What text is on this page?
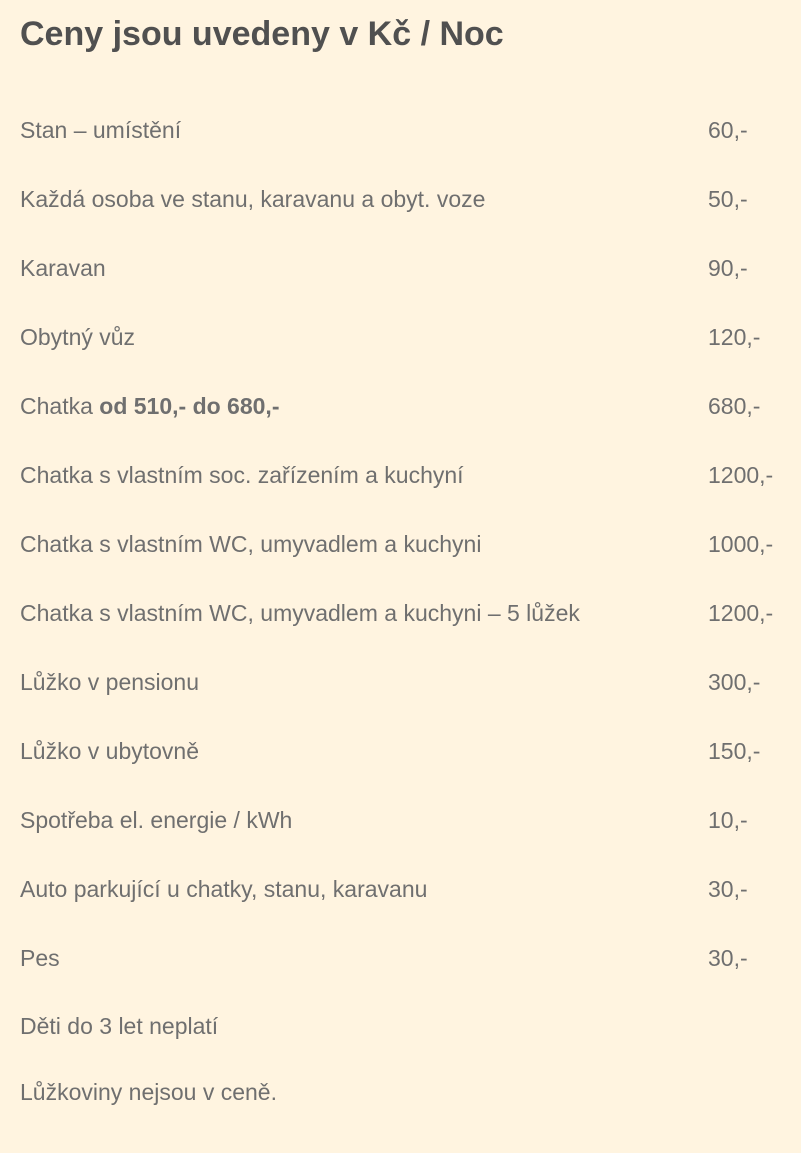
Ceny jsou uvedeny v Kč / Noc
Stan – umístění	60,-
Každá osoba ve stanu, karavanu a obyt. voze	50,-
Karavan	90,-
Obytný vůz	120,-
Chatka od 510,- do 680,-	680,-
Chatka s vlastním soc. zařízením a kuchyní	1200,-
Chatka s vlastním WC, umyvadlem a kuchyni	1000,-
Chatka s vlastním WC, umyvadlem a kuchyni – 5 lůžek	1200,-
Lůžko v pensionu	300,-
Lůžko v ubytovně	150,-
Spotřeba el. energie / kWh	10,-
Auto parkující u chatky, stanu, karavanu	30,-
Pes	30,-
Děti do 3 let neplatí
Lůžkoviny nejsou v ceně.
